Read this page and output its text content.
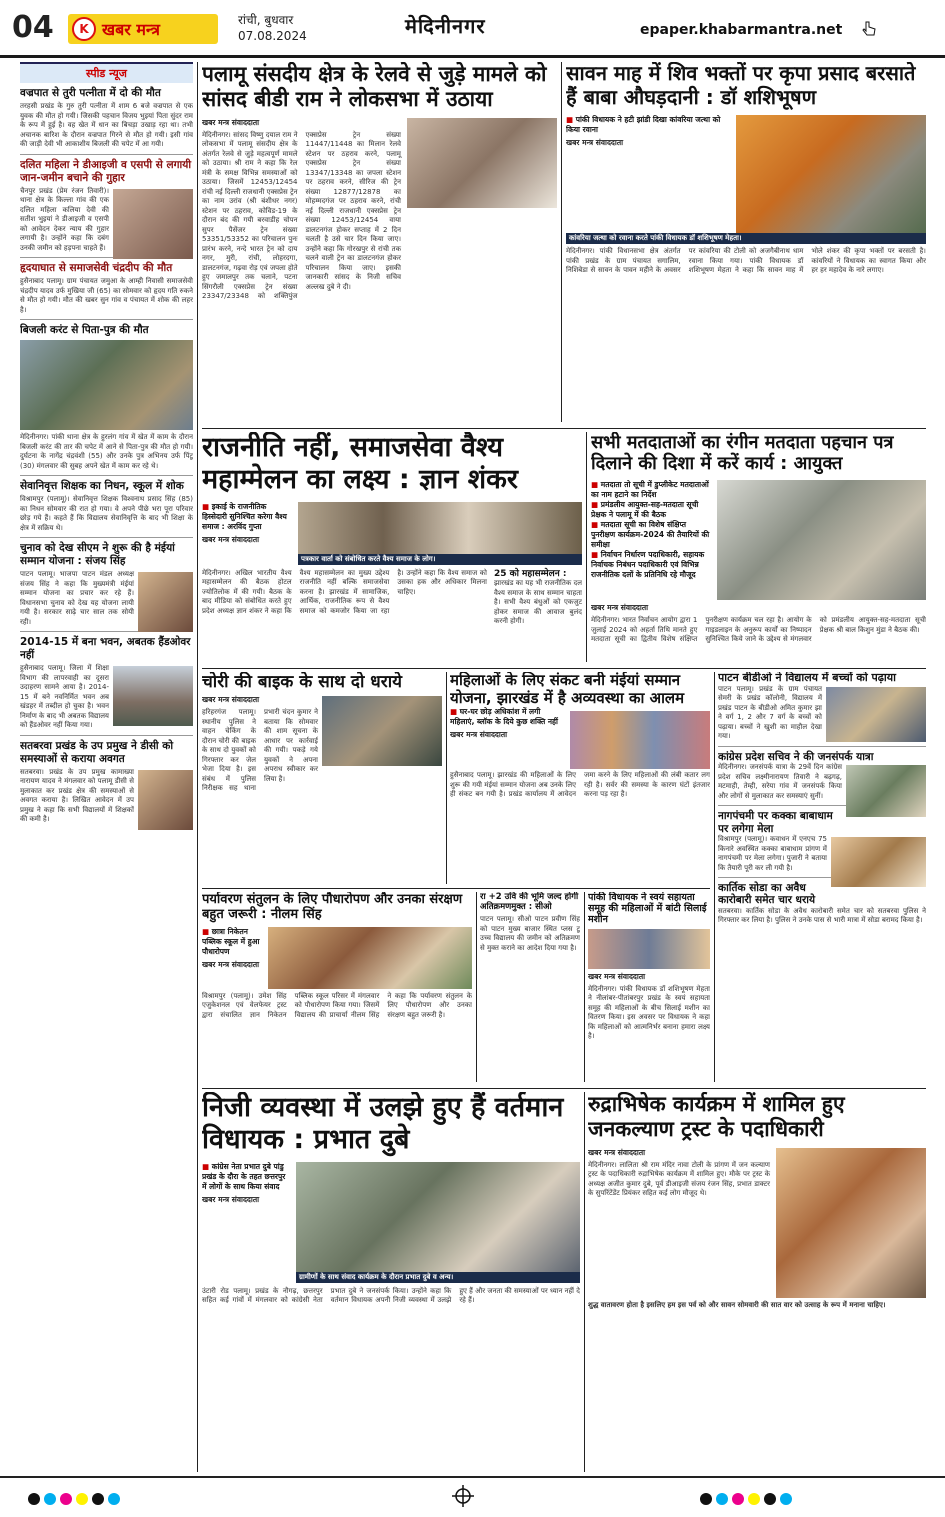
04	K खबर मन्त्र	रांची, बुधवार
07.08.2024	मेदिनीनगर	epaper.khabarmantra.net
स्पीड न्यूज
वज्रपात से तुरी पत्नीता में दो की मौत
तरहसी प्रखंड के गुरु तुरी पत्नीता में शाम 6 बजे वज्रपात से एक युवक की मौत हो गयी। जिसकी पहचान विजय भुइयां पिता सुंदर राम के रूप में हुई है। वह खेत में धान का बिचड़ा उखाड़ रहा था। तभी अचानक बारिश के दौरान वज्रपात गिरने से मौत हो गयी। इसी गांव की जाड़ी देवी भी आकाशीय बिजली की चपेट में आ गयी।
दलित महिला ने डीआइजी व एसपी से लगायी जान-जमीन बचाने की गुहार
चैनपुर प्रखंड (प्रेम रंजन तिवारी)। थाना क्षेत्र के किल्ला गांव की एक दलित महिला कलिया देवी की सतीश भुइयां ने डीआइजी व एसपी को आवेदन देकर न्याय की गुहार लगायी है। उन्होंने कहा कि दबंग उनकी जमीन को हड़पना चाहते हैं।
हृदयाघात से समाजसेवी चंद्रदीप की मौत
हुसैनाबाद पलामू। ग्राम पंचायत जमुआ के आम्ही निवासी समाजसेवी चंद्रदीप यादव उर्फ मुखिया जी (65) का सोमवार को हृदय गति रुकने से मौत हो गयी। मौत की खबर सुन गांव व पंचायत में शोक की लहर है।
बिजली करंट से पिता-पुत्र की मौत
मेदिनीनगर। पांकी थाना क्षेत्र के हुरलंग गांव में खेत में काम के दौरान बिजली करंट की तार की चपेट में आने से पिता-पुत्र की मौत हो गयी। दुर्घटना के नागेंद्र चंद्रवंशी (55) और उनके पुत्र अभिनय उर्फ पिंटू (30) मंगलवार की सुबह अपने खेत में काम कर रहे थे।
सेवानिवृत्त शिक्षक का निधन, स्कूल में शोक
विश्रामपुर (पलामू)। सेवानिवृत्त शिक्षक विश्वनाथ प्रसाद सिंह (85) का निधन सोमवार की रात हो गया। वे अपने पीछे भरा पूरा परिवार छोड़ गये हैं। कहते हैं कि विद्यालय सेवानिवृत्ति के बाद भी शिक्षा के क्षेत्र में सक्रिय थे।
चुनाव को देख सीएम ने शुरू की है मंईयां सम्मान योजना : संजय सिंह
पाटन पलामू। भाजपा पाटन मंडल अध्यक्ष संजय सिंह ने कहा कि मुख्यमंत्री मंईयां सम्मान योजना का प्रचार कर रहे हैं। विधानसभा चुनाव को देख यह योजना लायी गयी है। सरकार साढ़े चार साल तक सोयी रही।
2014-15 में बना भवन, अबतक हैंडओवर नहीं
हुसैनाबाद पलामू। जिला में शिक्षा विभाग की लापरवाही का दूसरा उदाहरण सामने आया है। 2014-15 में बने नवनिर्मित भवन अब खंडहर में तब्दील हो चुका है। भवन निर्माण के बाद भी अबतक विद्यालय को हैंडओवर नहीं किया गया।
सतबरवा प्रखंड के उप प्रमुख ने डीसी को समस्याओं से कराया अवगत
सतबरवा। प्रखंड के उप प्रमुख कामाख्या नारायण यादव ने मंगलवार को पलामू डीसी से मुलाकात कर प्रखंड क्षेत्र की समस्याओं से अवगत कराया है। लिखित आवेदन में उप प्रमुख ने कहा कि सभी विद्यालयों में शिक्षकों की कमी है।
पलामू संसदीय क्षेत्र के रेलवे से जुड़े मामले को सांसद बीडी राम ने लोकसभा में उठाया
खबर मन्त्र संवाददाता
मेदिनीनगर। सांसद विष्णु दयाल राम ने लोकसभा में पलामू संसदीय क्षेत्र के अंतर्गत रेलवे से जुड़े महत्वपूर्ण मामले को उठाया। श्री राम ने कहा कि रेल मंत्री के समक्ष विभिन्न समस्याओं को उठाया। जिसमें 12453/12454 रांची नई दिल्ली राजधानी एक्सप्रेस ट्रेन का नाम उरांव (श्री बंशीधर नगर) स्टेशन पर ठहराव, कोविड-19 के दौरान बंद की गयी बरवाडीह चोपन सुपर पैसेंजर ट्रेन संख्या 53351/53352 का परिचालन पुनः प्रारंभ करने, नन्दे भारत ट्रेन को दाय नगर, मुरी, रांची, लोहरदगा, डालटनगंज, गढ़वा रोड़ एवं जपला होते हुए जमालपुर तक चलाने, पटना सिंगरौली एक्सप्रेस ट्रेन संख्या 23347/23348 को शक्तिपुंज एक्सप्रेस ट्रेन संख्या 11447/11448 का मिलान रेलवे स्टेशन पर ठहराव करने, पलामू एक्सप्रेस ट्रेन संख्या 13347/13348 का जपला स्टेशन पर ठहराव करने, सीरिज की ट्रेन संख्या 12877/12878 का मोहम्मदगंज पर ठहराव करने, रांची नई दिल्ली राजधानी एक्सप्रेस ट्रेन संख्या 12453/12454 वाया डालटनगंज होकर सप्ताह में 2 दिन चलती है उसे चार दिन किया जाए। उन्होंने कहा कि गोरखपुर से रांची तक चलने वाली ट्रेन का डालटनगंज होकर परिचालन किया जाए। इसकी जानकारी सांसद के निजी सचिव अल्लख दुबे ने दी।
सावन माह में शिव भक्तों पर कृपा प्रसाद बरसाते हैं बाबा औघड़दानी : डॉ शशिभूषण
■ पांकी विधायक ने हटी झांडी दिखा कांवरिया जत्था को किया रवाना
खबर मन्त्र संवाददाता
कांवरिया जत्था को रवाना करते पांकी विधायक डॉ शशिभूषण मेहता।
मेदिनीनगर। पांकी विधानसभा क्षेत्र अंतर्गत पांकी प्रखंड के ग्राम पंचायत सगालिम, निशिबेडा से सावन के पावन महीने के अवसर पर कांवरिया की टोली को अजगैबीनाथ धाम रवाना किया गया। पांकी विधायक डॉ शशिभूषण मेहता ने कहा कि सावन माह में भोले शंकर की कृपा भक्तों पर बरसती है। कांवरियों ने विधायक का स्वागत किया और हर हर महादेव के नारे लगाए।
राजनीति नहीं, समाजसेवा वैश्य महाम्मेलन का लक्ष्य : ज्ञान शंकर
■ इकाई के राजनीतिक हिस्सेदारी सुनिश्चित करेगा वैश्य समाज : अरविंद गुप्ता
खबर मन्त्र संवाददाता
पत्रकार वार्ता को संबोधित करते वैश्य समाज के लोग।
मेदिनीनगर। अखिल भारतीय वैश्य महासम्मेलन की बैठक होटल ज्योतिलोक में की गयी। बैठक के बाद मीडिया को संबोधित करते हुए प्रदेश अध्यक्ष ज्ञान शंकर ने कहा कि वैश्य महासम्मेलन का मुख्य उद्देश्य राजनीति नहीं बल्कि समाजसेवा करना है। झारखंड में सामाजिक, आर्थिक, राजनीतिक रूप से वैश्य समाज को कमजोर किया जा रहा है। उन्होंने कहा कि वैश्य समाज को उसका हक और अधिकार मिलना चाहिए।
25 को महासम्मेलन :
झारखंड का यह भी राजनीतिक दल वैश्य समाज के साथ सम्मान चाहता है। सभी वैश्य बंधुओं को एकजुट होकर समाज की आवाज बुलंद करनी होगी।
सभी मतदाताओं का रंगीन मतदाता पहचान पत्र दिलाने की दिशा में करें कार्य : आयुक्त
■ मतदाता तो सूची में डुप्लीकेट मतदाताओं का नाम हटाने का निर्देश
■ प्रमंडलीय आयुक्त-सह-मतदाता सूची प्रेक्षक ने पलामू में की बैठक
■ मतदाता सूची का विशेष संक्षिप्त पुनरीक्षण कार्यक्रम-2024 की तैयारियों की समीक्षा
■ निर्वाचन निर्धारण पदाधिकारी, सहायक निर्वाचक निबंधन पदाधिकारी एवं विभिन्न राजनीतिक दलों के प्रतिनिधि रहे मौजूद
खबर मन्त्र संवाददाता
मेदिनीनगर। भारत निर्वाचन आयोग द्वारा 1 जुलाई 2024 को अहर्ता तिथि मानते हुए मतदाता सूची का द्वितीय विशेष संक्षिप्त पुनरीक्षण कार्यक्रम चल रहा है। आयोग के गाइडलाइन के अनुरूप कार्यों का निष्पादन सुनिश्चित किये जाने के उद्देश्य से मंगलवार को प्रमंडलीय आयुक्त-सह-मतदाता सूची प्रेक्षक श्री बाल किशुन मुंडा ने बैठक की।
चोरी की बाइक के साथ दो धराये
खबर मन्त्र संवाददाता
हरिहरगंज पलामू। स्थानीय पुलिस ने वाहन चेकिंग के दौरान चोरी की बाइक के साथ दो युवकों को गिरफ्तार कर जेल भेजा दिया है। इस संबंध में पुलिस निरीक्षक सह थाना प्रभारी चंदन कुमार ने बताया कि सोमवार की शाम सूचना के आधार पर कार्रवाई की गयी। पकड़े गये युवकों ने अपना अपराध स्वीकार कर लिया है।
महिलाओं के लिए संकट बनी मंईयां सम्मान योजना, झारखंड में है अव्यवस्था का आलम
■ घर-घर छोड़ अधिकांश में लगी महिलाएं, ब्लॉक के दिये कुछ शक्ति नहीं
खबर मन्त्र संवाददाता
हुसैनाबाद पलामू। झारखंड की महिलाओं के लिए शुरू की गयी मंईयां सम्मान योजना अब उनके लिए ही संकट बन गयी है। प्रखंड कार्यालय में आवेदन जमा करने के लिए महिलाओं की लंबी कतार लग रही है। सर्वर की समस्या के कारण घंटों इंतजार करना पड़ रहा है।
पाटन बीडीओ ने विद्यालय में बच्चों को पढ़ाया
पाटन पलामू। प्रखंड के ग्राम पंचायत सेमरी के प्रखंड कॉलोनी, विद्यालय में प्रखंड पाटन के बीडीओ अमित कुमार झा ने वर्ग 1, 2 और 7 वर्ग के बच्चों को पढ़ाया। बच्चों ने खुशी का माहौल देखा गया।
कांग्रेस प्रदेश सचिव ने की जनसंपर्क यात्रा
मेदिनीनगर। जनसंपर्क यात्रा के 29वें दिन कांग्रेस प्रदेश सचिव लक्ष्मीनारायण तिवारी ने बढ़गढ़, मटमाही, तेम्ही, सरेया गांव में जनसंपर्क किया और लोगों से मुलाकात कर समस्याएं सुनीं।
नागपंचमी पर कक्का बाबाधाम पर लगेगा मेला
विश्रामपुर (पलामू)। कवाधन में एनएच 75 किनारे अवस्थित कक्का बाबाधाम प्रांगण में नागपंचमी पर मेला लगेगा। पुजारी ने बताया कि तैयारी पूरी कर ली गयी है।
कार्तिक सोडा का अवैध कारोबारी समेत चार धराये
सतबरवा। कार्तिक सोडा के अवैध कारोबारी समेत चार को सतबरवा पुलिस ने गिरफ्तार कर लिया है। पुलिस ने उनके पास से भारी मात्रा में सोडा बरामद किया है।
पर्यावरण संतुलन के लिए पौधारोपण और उनका संरक्षण बहुत जरूरी : नीलम सिंह
■ छात्रा निकेतन पब्लिक स्कूल में हुआ पौधारोपण
खबर मन्त्र संवाददाता
विश्रामपुर (पलामू)। उमेश सिंह एजुकेशनल एवं वेलफेयर ट्रस्ट द्वारा संचालित ज्ञान निकेतन पब्लिक स्कूल परिसर में मंगलवार को पौधारोपण किया गया। जिसमें विद्यालय की प्राचार्या नीलम सिंह ने कहा कि पर्यावरण संतुलन के लिए पौधारोपण और उनका संरक्षण बहुत जरूरी है।
रा +2 उवि की भूमि जल्द होगी अतिक्रमणमुक्त : सीओ
पाटन पलामू। सीओ पाटन प्रवीण सिंह को पाटन मुख्य बाजार स्थित प्लस टू उच्च विद्यालय की जमीन को अतिक्रमण से मुक्त कराने का आदेश दिया गया है।
पांकी विधायक ने स्वयं सहायता समूह की महिलाओं में बांटी सिलाई मशीन
खबर मन्त्र संवाददाता
मेदिनीनगर। पांकी विधायक डॉ शशिभूषण मेहता ने नीलांबर-पीतांबरपुर प्रखंड के स्वयं सहायता समूह की महिलाओं के बीच सिलाई मशीन का वितरण किया। इस अवसर पर विधायक ने कहा कि महिलाओं को आत्मनिर्भर बनाना हमारा लक्ष्य है।
निजी व्यवस्था में उलझे हुए हैं वर्तमान विधायक : प्रभात दुबे
■ कांग्रेस नेता प्रभात दुबे पांडु प्रखंड के दौरा के तहत छत्तरपुर में लोगों के साथ किया संवाद
खबर मन्त्र संवाददाता
ग्रामीणों के साथ संवाद कार्यक्रम के दौरान प्रभात दुबे व अन्य।
उंटारी रोड पलामू। प्रखंड के नौगढ़, छत्तरपुर सहित कई गांवों में मंगलवार को कांग्रेसी नेता प्रभात दुबे ने जनसंपर्क किया। उन्होंने कहा कि वर्तमान विधायक अपनी निजी व्यवस्था में उलझे हुए हैं और जनता की समस्याओं पर ध्यान नहीं दे रहे हैं।
रुद्राभिषेक कार्यक्रम में शामिल हुए जनकल्याण ट्रस्ट के पदाधिकारी
खबर मन्त्र संवाददाता
मेदिनीनगर। लालिता श्री राम मंदिर नावा टोली के प्रांगण में जन कल्याण ट्रस्ट के पदाधिकारी रुद्राभिषेक कार्यक्रम में शामिल हुए। मौके पर ट्रस्ट के अध्यक्ष अजीत कुमार दुबे, पूर्व डीआइजी संजय रंजन सिंह, प्रभात डाक्टर के सुपरिंटेंडेंट प्रियंकर सहित कई लोग मौजूद थे।
शुद्ध वातावरण होता है इसलिए हम इस पर्व को और सावन सोमवारी की सात वार को उत्साह के रूप में मनाना चाहिए।
